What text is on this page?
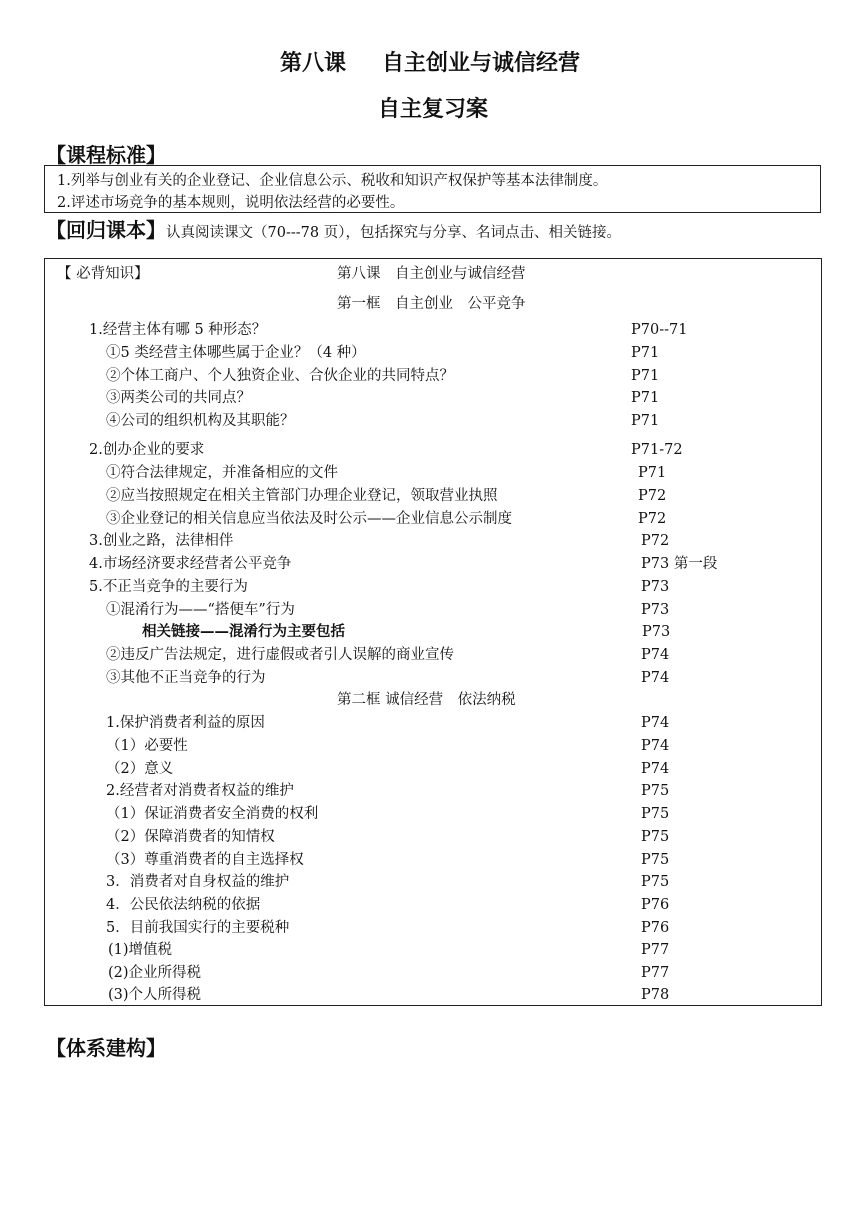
第八课 自主创业与诚信经营
自主复习案
【课程标准】
1.列举与创业有关的企业登记、企业信息公示、税收和知识产权保护等基本法律制度。
2.评述市场竞争的基本规则，说明依法经营的必要性。
【回归课本】认真阅读课文（70---78 页），包括探究与分享、名词点击、相关链接。
【 必背知识】	第八课　自主创业与诚信经营
第一框　自主创业　公平竞争
1.经营主体有哪 5 种形态？	P70--71
①5 类经营主体哪些属于企业？（4 种）	P71
②个体工商户、个人独资企业、合伙企业的共同特点？	P71
③两类公司的共同点？	P71
④公司的组织机构及其职能？	P71
2.创办企业的要求	P71-72
①符合法律规定，并准备相应的文件	P71
②应当按照规定在相关主管部门办理企业登记，领取营业执照	P72
③企业登记的相关信息应当依法及时公示——企业信息公示制度	P72
3.创业之路，法律相伴	P72
4.市场经济要求经营者公平竞争	P73 第一段
5.不正当竞争的主要行为	P73
①混淆行为——“搭便车”行为	P73
相关链接——混淆行为主要包括	P73
②违反广告法规定，进行虚假或者引人误解的商业宣传	P74
③其他不正当竞争的行为	P74
第二框 诚信经营　依法纳税
1.保护消费者利益的原因	P74
（1）必要性	P74
（2）意义	P74
2.经营者对消费者权益的维护	P75
（1）保证消费者安全消费的权利	P75
（2）保障消费者的知情权	P75
（3）尊重消费者的自主选择权	P75
3．消费者对自身权益的维护	P75
4．公民依法纳税的依据	P76
5．目前我国实行的主要税种	P76
(1)增值税	P77
(2)企业所得税	P77
(3)个人所得税	P78
【体系建构】
